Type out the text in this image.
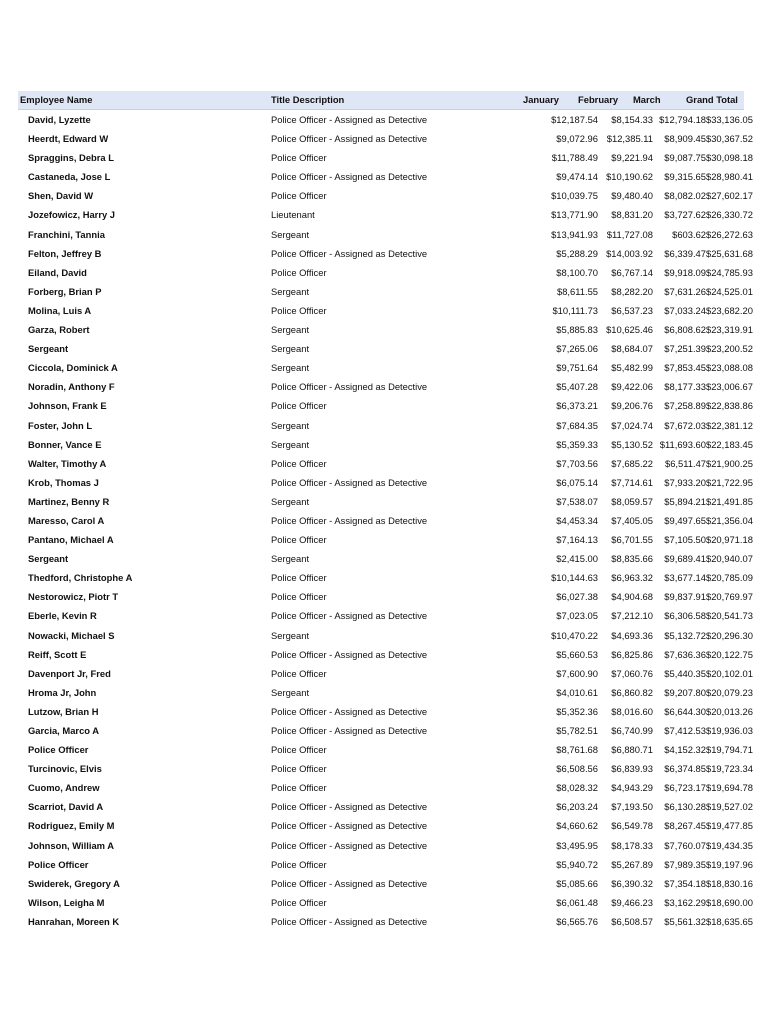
Employee Name	Title Description	January February March	Grand Total
David, Lyzette	Police Officer - Assigned as Detective	$12,187.54	$8,154.33 $12,794.18 $33,136.05
Heerdt, Edward W	Police Officer - Assigned as Detective	$9,072.96 $12,385.11	$8,909.45 $30,367.52
Spraggins, Debra L	Police Officer	$11,788.49	$9,221.94	$9,087.75 $30,098.18
Castaneda, Jose L	Police Officer - Assigned as Detective	$9,474.14 $10,190.62	$9,315.65 $28,980.41
Shen, David W	Police Officer	$10,039.75	$9,480.40	$8,082.02 $27,602.17
Jozefowicz, Harry J	Lieutenant	$13,771.90	$8,831.20	$3,727.62 $26,330.72
Franchini, Tannia	Sergeant	$13,941.93 $11,727.08	$603.62 $26,272.63
Felton, Jeffrey B	Police Officer - Assigned as Detective	$5,288.29 $14,003.92	$6,339.47 $25,631.68
Eiland, David	Police Officer	$8,100.70	$6,767.14	$9,918.09 $24,785.93
Forberg, Brian P	Sergeant	$8,611.55	$8,282.20	$7,631.26 $24,525.01
Molina, Luis A	Police Officer	$10,111.73	$6,537.23	$7,033.24 $23,682.20
Garza, Robert	Sergeant	$5,885.83 $10,625.46	$6,808.62 $23,319.91
Sergeant	Sergeant	$7,265.06	$8,684.07	$7,251.39 $23,200.52
Ciccola, Dominick A	Sergeant	$9,751.64	$5,482.99	$7,853.45 $23,088.08
Noradin, Anthony F	Police Officer - Assigned as Detective	$5,407.28	$9,422.06	$8,177.33 $23,006.67
Johnson, Frank E	Police Officer	$6,373.21	$9,206.76	$7,258.89 $22,838.86
Foster, John L	Sergeant	$7,684.35	$7,024.74	$7,672.03 $22,381.12
Bonner, Vance E	Sergeant	$5,359.33	$5,130.52 $11,693.60 $22,183.45
Walter, Timothy A	Police Officer	$7,703.56	$7,685.22	$6,511.47 $21,900.25
Krob, Thomas J	Police Officer - Assigned as Detective	$6,075.14	$7,714.61	$7,933.20 $21,722.95
Martinez, Benny R	Sergeant	$7,538.07	$8,059.57	$5,894.21 $21,491.85
Maresso, Carol A	Police Officer - Assigned as Detective	$4,453.34	$7,405.05	$9,497.65 $21,356.04
Pantano, Michael A	Police Officer	$7,164.13	$6,701.55	$7,105.50 $20,971.18
Sergeant	Sergeant	$2,415.00	$8,835.66	$9,689.41 $20,940.07
Thedford, Christophe A	Police Officer	$10,144.63	$6,963.32	$3,677.14 $20,785.09
Nestorowicz, Piotr T	Police Officer	$6,027.38	$4,904.68	$9,837.91 $20,769.97
Eberle, Kevin R	Police Officer - Assigned as Detective	$7,023.05	$7,212.10	$6,306.58 $20,541.73
Nowacki, Michael S	Sergeant	$10,470.22	$4,693.36	$5,132.72 $20,296.30
Reiff, Scott E	Police Officer - Assigned as Detective	$5,660.53	$6,825.86	$7,636.36 $20,122.75
Davenport Jr, Fred	Police Officer	$7,600.90	$7,060.76	$5,440.35 $20,102.01
Hroma Jr, John	Sergeant	$4,010.61	$6,860.82	$9,207.80 $20,079.23
Lutzow, Brian H	Police Officer - Assigned as Detective	$5,352.36	$8,016.60	$6,644.30 $20,013.26
Garcia, Marco A	Police Officer - Assigned as Detective	$5,782.51	$6,740.99	$7,412.53 $19,936.03
Police Officer	Police Officer	$8,761.68	$6,880.71	$4,152.32 $19,794.71
Turcinovic, Elvis	Police Officer	$6,508.56	$6,839.93	$6,374.85 $19,723.34
Cuomo, Andrew	Police Officer	$8,028.32	$4,943.29	$6,723.17 $19,694.78
Scarriot, David A	Police Officer - Assigned as Detective	$6,203.24	$7,193.50	$6,130.28 $19,527.02
Rodriguez, Emily M	Police Officer - Assigned as Detective	$4,660.62	$6,549.78	$8,267.45 $19,477.85
Johnson, William A	Police Officer - Assigned as Detective	$3,495.95	$8,178.33	$7,760.07 $19,434.35
Police Officer	Police Officer	$5,940.72	$5,267.89	$7,989.35 $19,197.96
Swiderek, Gregory A	Police Officer - Assigned as Detective	$5,085.66	$6,390.32	$7,354.18 $18,830.16
Wilson, Leigha M	Police Officer	$6,061.48	$9,466.23	$3,162.29 $18,690.00
Hanrahan, Moreen K	Police Officer - Assigned as Detective	$6,565.76	$6,508.57	$5,561.32 $18,635.65
